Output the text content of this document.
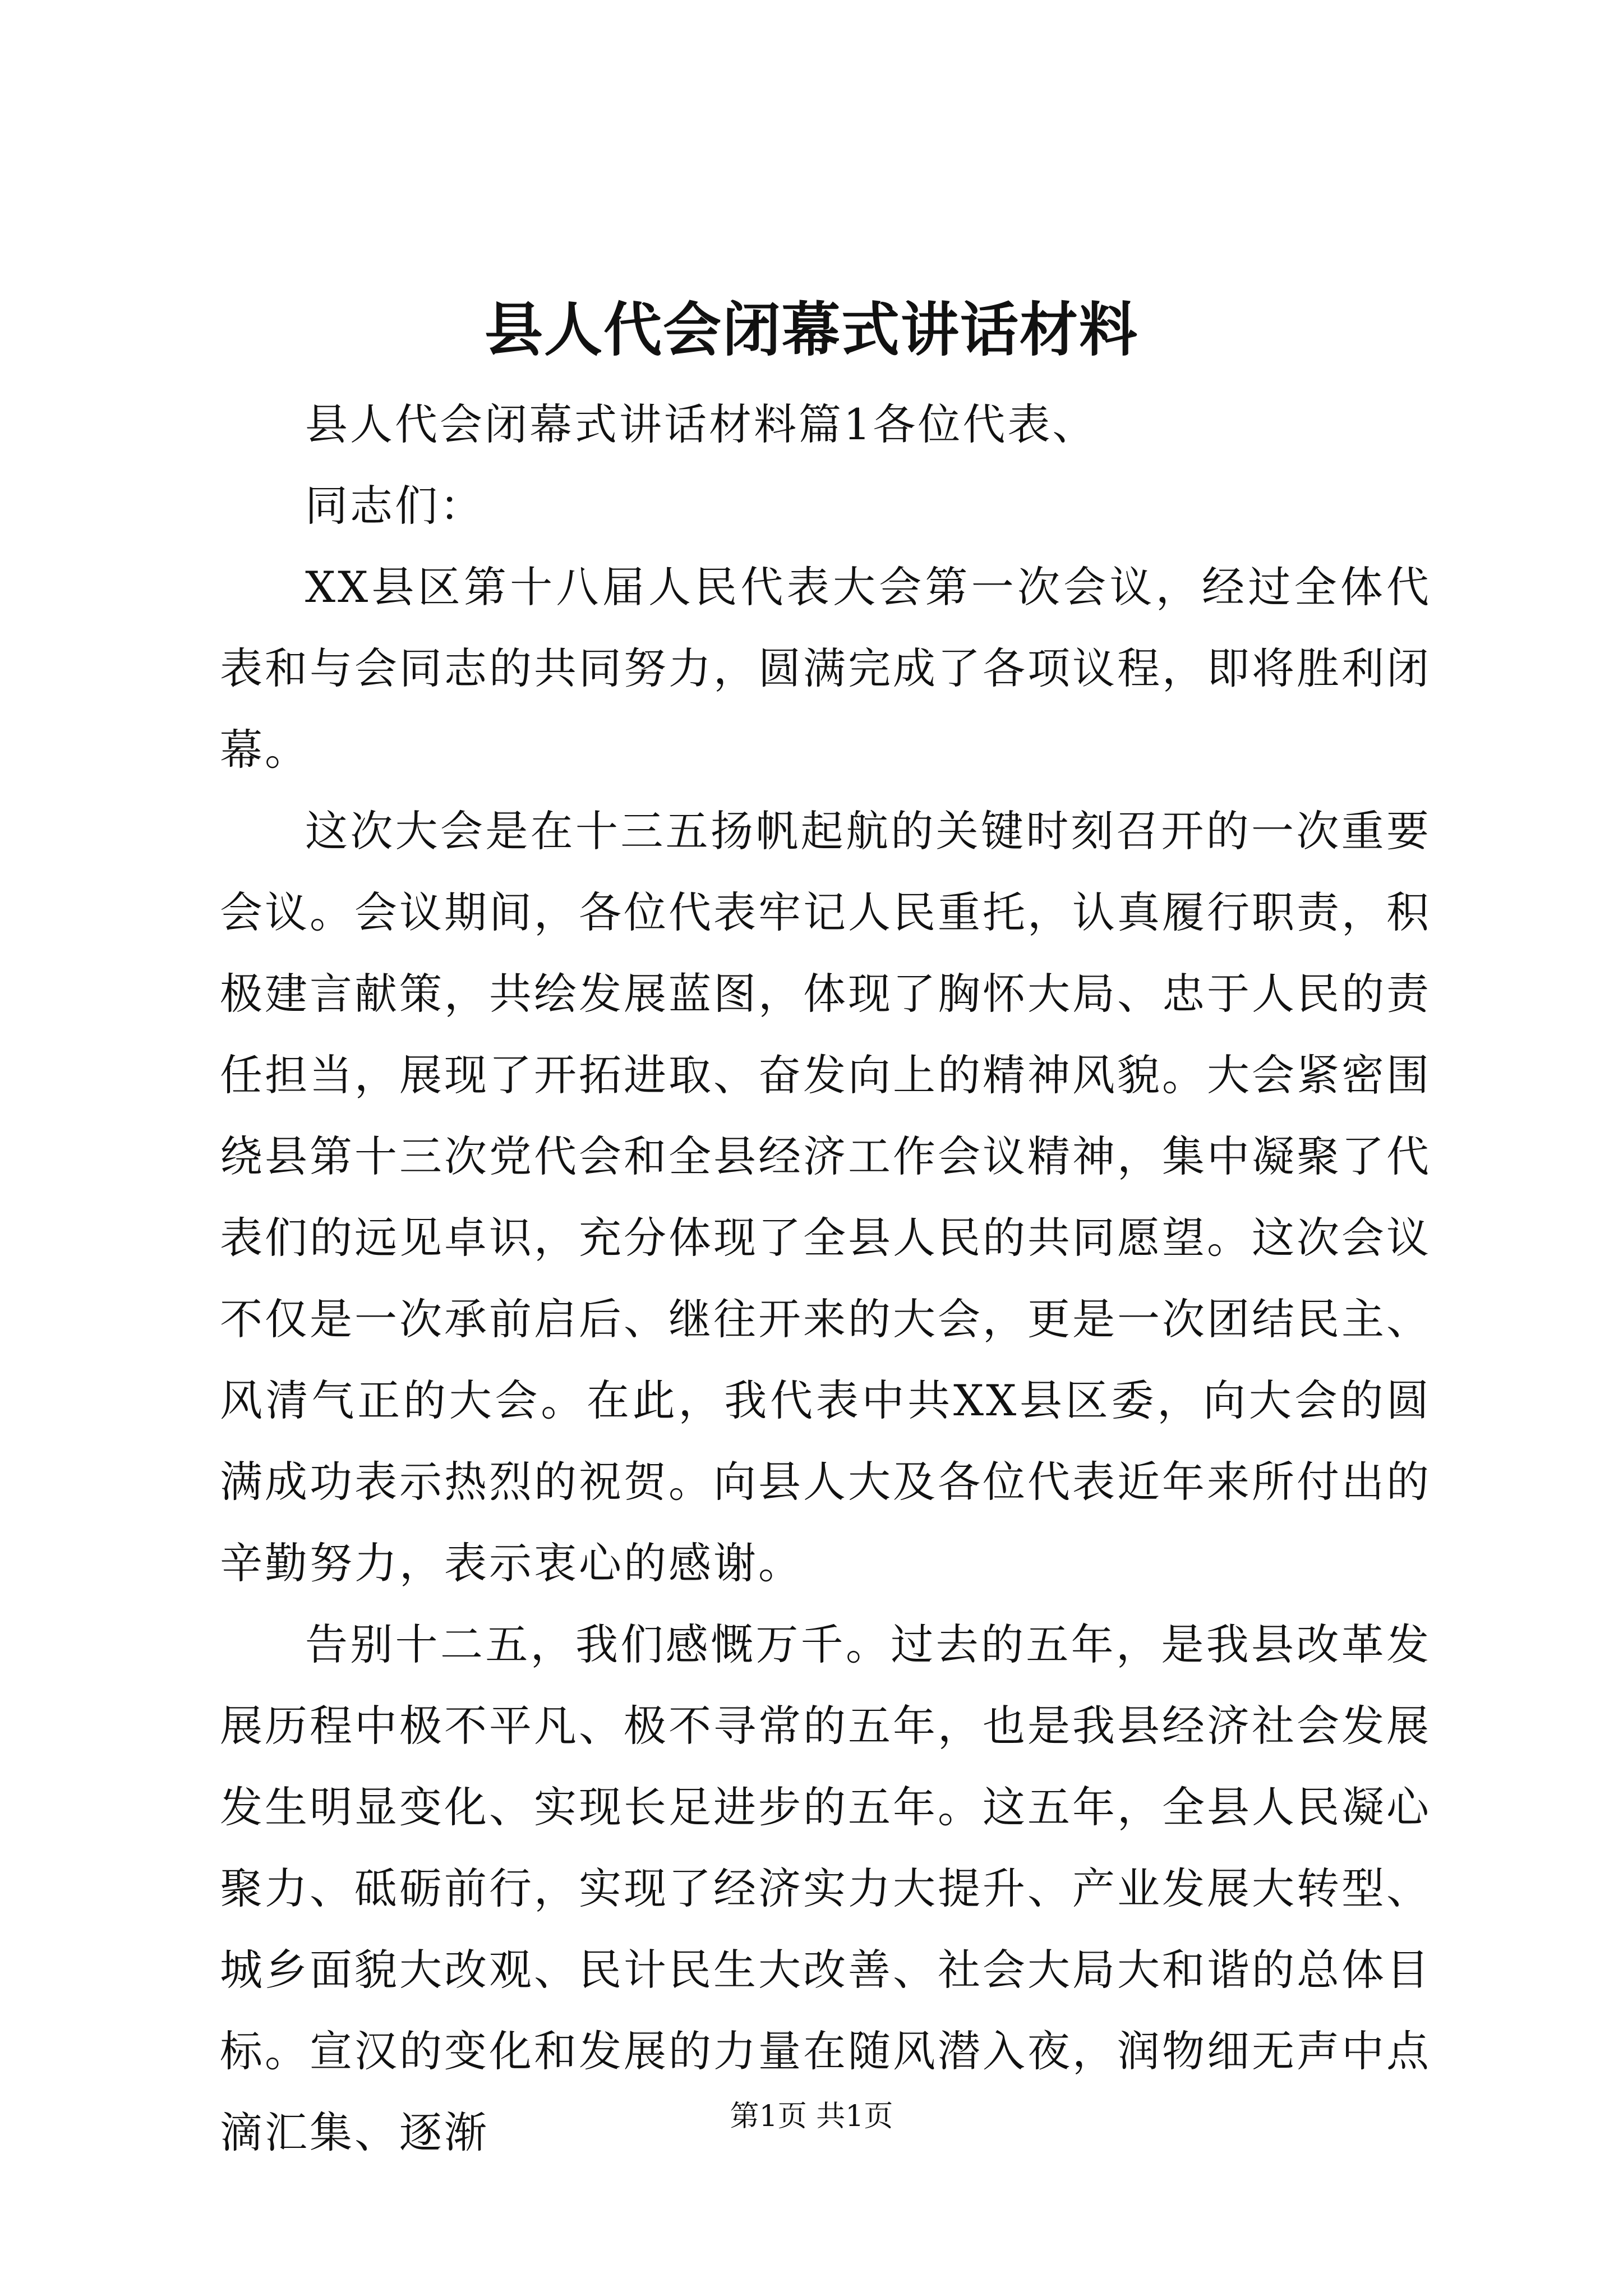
县人代会闭幕式讲话材料

县人代会闭幕式讲话材料篇1各位代表、

同志们：

XX县区第十八届人民代表大会第一次会议，经过全体代表和与会同志的共同努力，圆满完成了各项议程，即将胜利闭幕。

这次大会是在十三五扬帆起航的关键时刻召开的一次重要会议。会议期间，各位代表牢记人民重托，认真履行职责，积极建言献策，共绘发展蓝图，体现了胸怀大局、忠于人民的责任担当，展现了开拓进取、奋发向上的精神风貌。大会紧密围绕县第十三次党代会和全县经济工作会议精神，集中凝聚了代表们的远见卓识，充分体现了全县人民的共同愿望。这次会议不仅是一次承前启后、继往开来的大会，更是一次团结民主、风清气正的大会。在此，我代表中共XX县区委，向大会的圆满成功表示热烈的祝贺。向县人大及各位代表近年来所付出的辛勤努力，表示衷心的感谢。

告别十二五，我们感慨万千。过去的五年，是我县改革发展历程中极不平凡、极不寻常的五年，也是我县经济社会发展发生明显变化、实现长足进步的五年。这五年，全县人民凝心聚力、砥砺前行，实现了经济实力大提升、产业发展大转型、城乡面貌大改观、民计民生大改善、社会大局大和谐的总体目标。宣汉的变化和发展的力量在随风潜入夜，润物细无声中点滴汇集、逐渐	第1页 共1页
